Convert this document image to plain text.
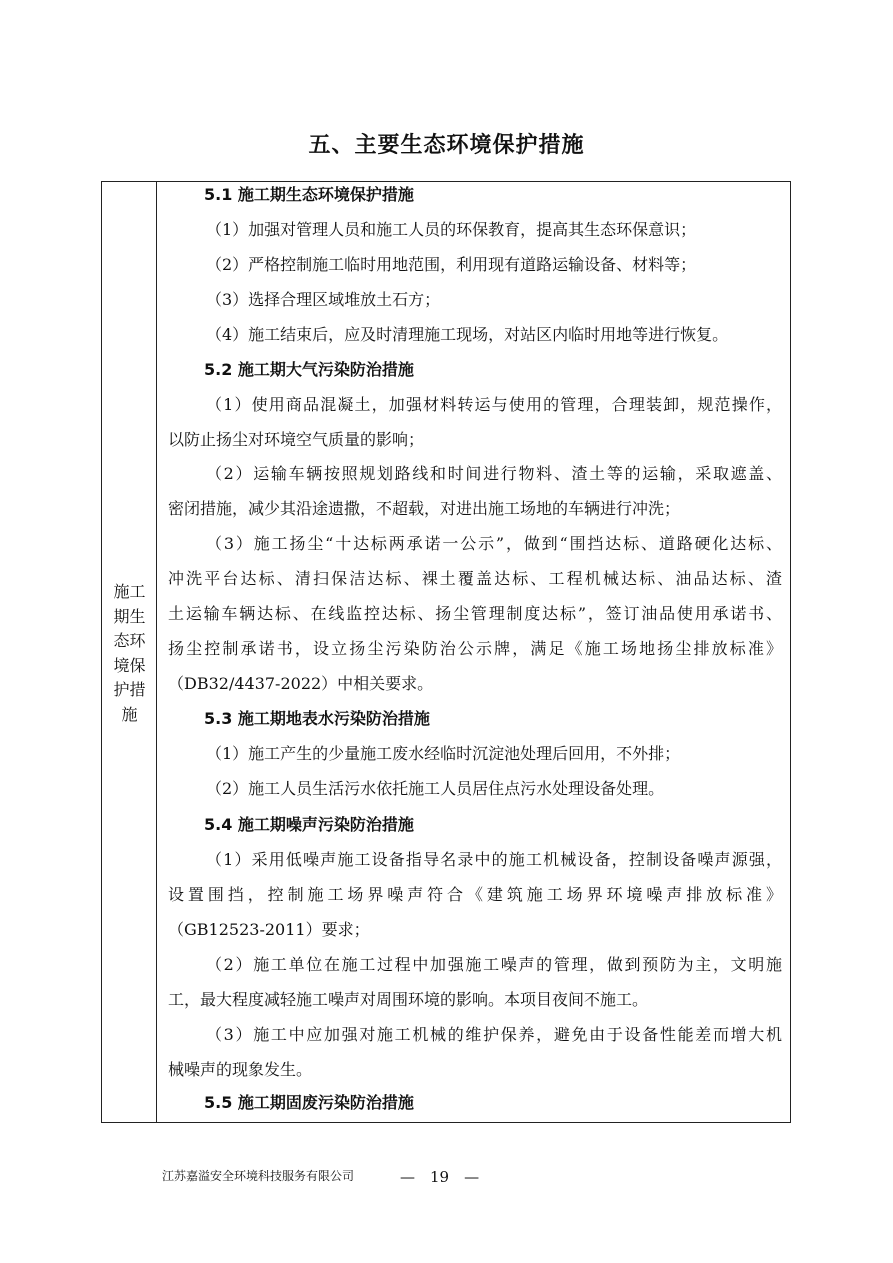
五、主要生态环境保护措施
施工
期生
态环
境保
护措
施
5.1 施工期生态环境保护措施
（1）加强对管理人员和施工人员的环保教育，提高其生态环保意识；
（2）严格控制施工临时用地范围，利用现有道路运输设备、材料等；
（3）选择合理区域堆放土石方；
（4）施工结束后，应及时清理施工现场，对站区内临时用地等进行恢复。
5.2 施工期大气污染防治措施
（1）使用商品混凝土，加强材料转运与使用的管理，合理装卸，规范操作，
以防止扬尘对环境空气质量的影响；
（2）运输车辆按照规划路线和时间进行物料、渣土等的运输，采取遮盖、
密闭措施，减少其沿途遗撒，不超载，对进出施工场地的车辆进行冲洗；
（3）施工扬尘“十达标两承诺一公示”，做到“围挡达标、道路硬化达标、
冲洗平台达标、清扫保洁达标、裸土覆盖达标、工程机械达标、油品达标、渣
土运输车辆达标、在线监控达标、扬尘管理制度达标”，签订油品使用承诺书、
扬尘控制承诺书，设立扬尘污染防治公示牌，满足《施工场地扬尘排放标准》
（DB32/4437-2022）中相关要求。
5.3 施工期地表水污染防治措施
（1）施工产生的少量施工废水经临时沉淀池处理后回用，不外排；
（2）施工人员生活污水依托施工人员居住点污水处理设备处理。
5.4 施工期噪声污染防治措施
（1）采用低噪声施工设备指导名录中的施工机械设备，控制设备噪声源强，
设置围挡，控制施工场界噪声符合《建筑施工场界环境噪声排放标准》
（GB12523-2011）要求；
（2）施工单位在施工过程中加强施工噪声的管理，做到预防为主，文明施
工，最大程度减轻施工噪声对周围环境的影响。本项目夜间不施工。
（3）施工中应加强对施工机械的维护保养，避免由于设备性能差而增大机
械噪声的现象发生。
5.5 施工期固废污染防治措施
江苏嘉溢安全环境科技服务有限公司	—　19　—
